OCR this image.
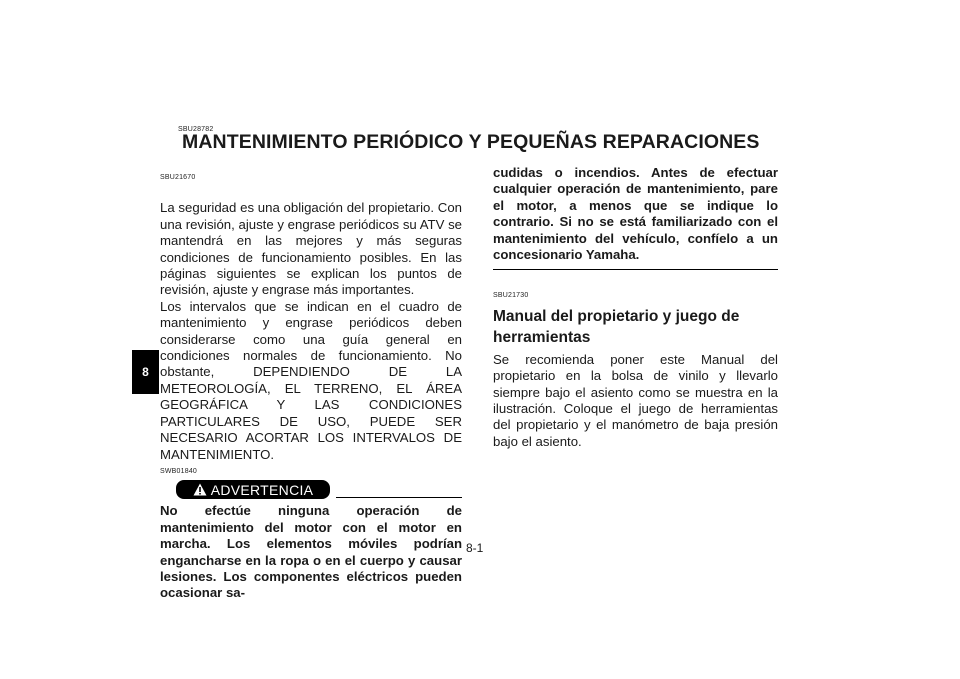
SBU28782
MANTENIMIENTO PERIÓDICO Y PEQUEÑAS REPARACIONES
8
SBU21670

La seguridad es una obligación del propietario. Con una revisión, ajuste y engrase periódicos su ATV se mantendrá en las mejores y más seguras condiciones de funcionamiento posibles. En las páginas siguientes se explican los puntos de revisión, ajuste y engrase más importantes.

Los intervalos que se indican en el cuadro de mantenimiento y engrase periódicos deben considerarse como una guía general en condiciones normales de funcionamiento. No obstante, DEPENDIENDO DE LA METEOROLOGÍA, EL TERRENO, EL ÁREA GEOGRÁFICA Y LAS CONDICIONES PARTICULARES DE USO, PUEDE SER NECESARIO ACORTAR LOS INTERVALOS DE MANTENIMIENTO.

SWB01840
ADVERTENCIA

No efectúe ninguna operación de mantenimiento del motor con el motor en marcha. Los elementos móviles podrían engancharse en la ropa o en el cuerpo y causar lesiones. Los componentes eléctricos pueden ocasionar sa-

cudidas o incendios. Antes de efectuar cualquier operación de mantenimiento, pare el motor, a menos que se indique lo contrario. Si no se está familiarizado con el mantenimiento del vehículo, confíelo a un concesionario Yamaha.

SBU21730
Manual del propietario y juego de herramientas

Se recomienda poner este Manual del propietario en la bolsa de vinilo y llevarlo siempre bajo el asiento como se muestra en la ilustración. Coloque el juego de herramientas del propietario y el manómetro de baja presión bajo el asiento.

8-1
